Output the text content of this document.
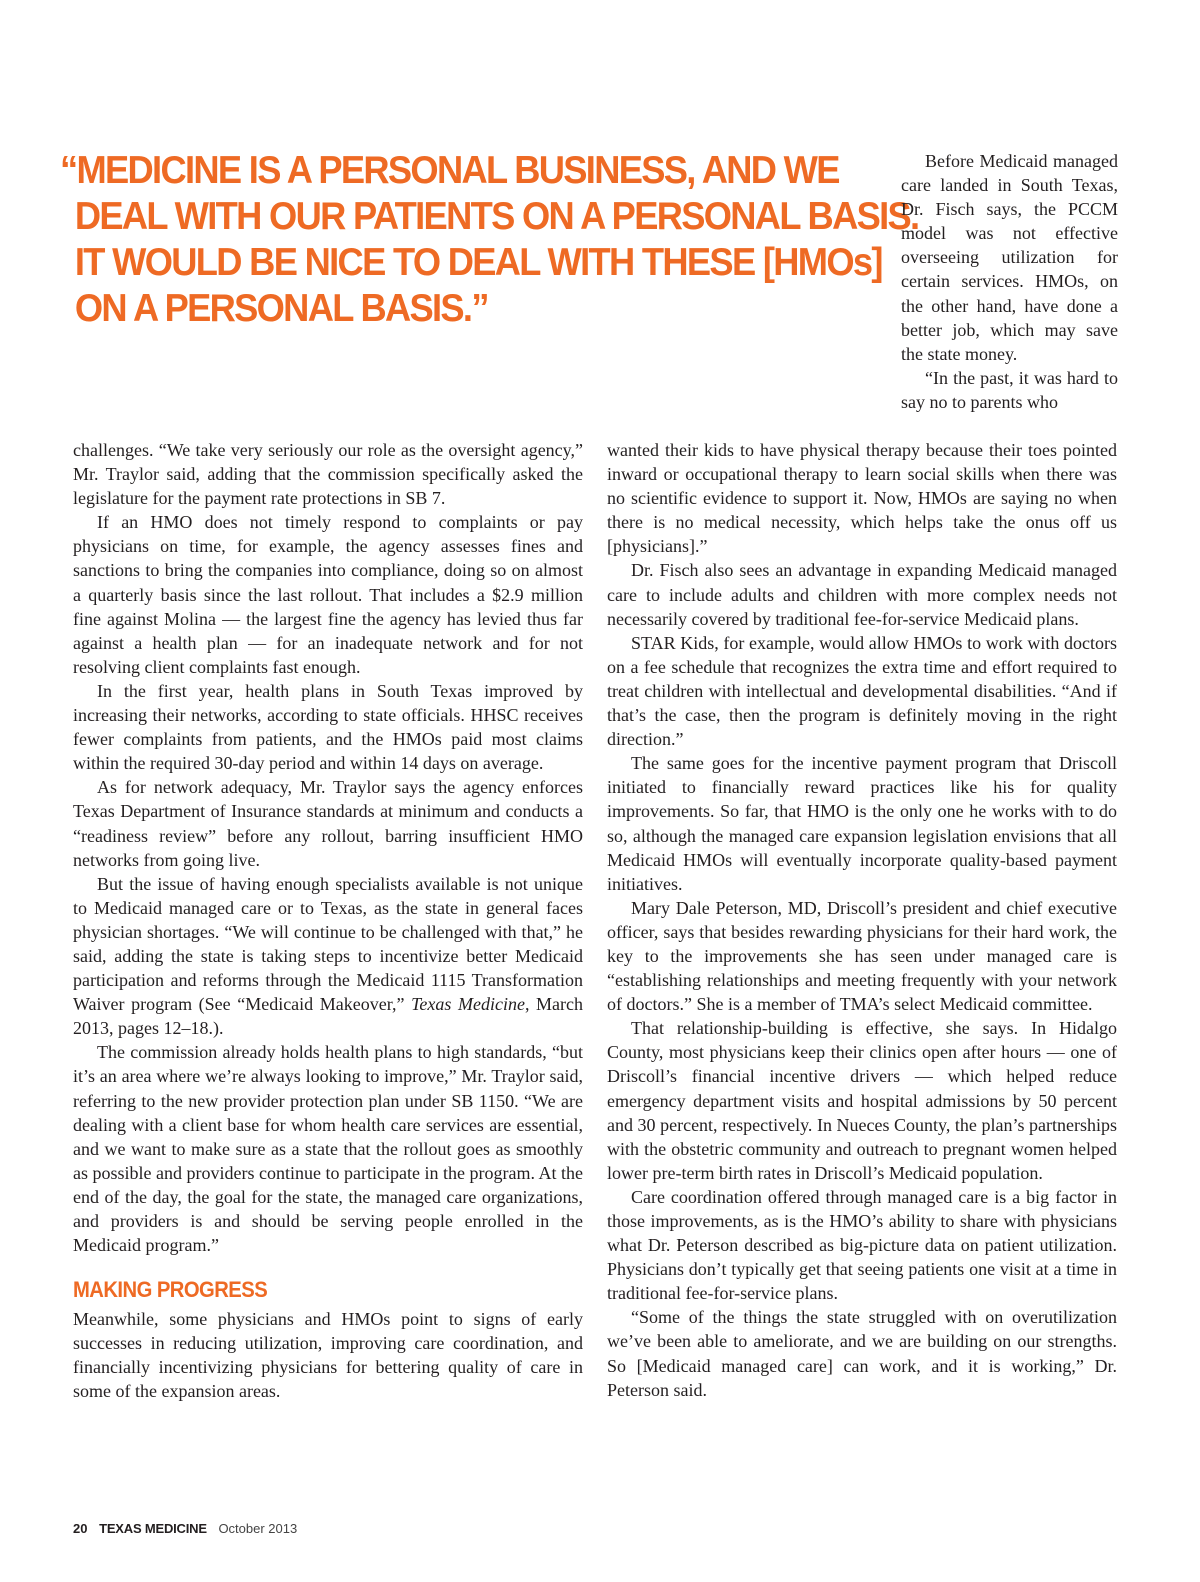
“MEDICINE IS A PERSONAL BUSINESS, AND WE
DEAL WITH OUR PATIENTS ON A PERSONAL BASIS.
IT WOULD BE NICE TO DEAL WITH THESE [HMOs]
ON A PERSONAL BASIS.”

Before Medicaid managed care landed in South Texas, Dr. Fisch says, the PCCM model was not effective overseeing utilization for certain services. HMOs, on the other hand, have done a better job, which may save the state money.

“In the past, it was hard to say no to parents who

challenges. “We take very seriously our role as the oversight agency,” Mr. Traylor said, adding that the commission specifically asked the legislature for the payment rate protections in SB 7.

If an HMO does not timely respond to complaints or pay physicians on time, for example, the agency assesses fines and sanctions to bring the companies into compliance, doing so on almost a quarterly basis since the last rollout. That includes a $2.9 million fine against Molina — the largest fine the agency has levied thus far against a health plan — for an inadequate network and for not resolving client complaints fast enough.

In the first year, health plans in South Texas improved by increasing their networks, according to state officials. HHSC receives fewer complaints from patients, and the HMOs paid most claims within the required 30-day period and within 14 days on average.

As for network adequacy, Mr. Traylor says the agency enforces Texas Department of Insurance standards at minimum and conducts a “readiness review” before any rollout, barring insufficient HMO networks from going live.

But the issue of having enough specialists available is not unique to Medicaid managed care or to Texas, as the state in general faces physician shortages. “We will continue to be challenged with that,” he said, adding the state is taking steps to incentivize better Medicaid participation and reforms through the Medicaid 1115 Transformation Waiver program (See “Medicaid Makeover,” Texas Medicine, March 2013, pages 12–18.).

The commission already holds health plans to high standards, “but it’s an area where we’re always looking to improve,” Mr. Traylor said, referring to the new provider protection plan under SB 1150. “We are dealing with a client base for whom health care services are essential, and we want to make sure as a state that the rollout goes as smoothly as possible and providers continue to participate in the program. At the end of the day, the goal for the state, the managed care organizations, and providers is and should be serving people enrolled in the Medicaid program.”

MAKING PROGRESS

Meanwhile, some physicians and HMOs point to signs of early successes in reducing utilization, improving care coordination, and financially incentivizing physicians for bettering quality of care in some of the expansion areas.

wanted their kids to have physical therapy because their toes pointed inward or occupational therapy to learn social skills when there was no scientific evidence to support it. Now, HMOs are saying no when there is no medical necessity, which helps take the onus off us [physicians].”

Dr. Fisch also sees an advantage in expanding Medicaid managed care to include adults and children with more complex needs not necessarily covered by traditional fee-for-service Medicaid plans.

STAR Kids, for example, would allow HMOs to work with doctors on a fee schedule that recognizes the extra time and effort required to treat children with intellectual and developmental disabilities. “And if that’s the case, then the program is definitely moving in the right direction.”

The same goes for the incentive payment program that Driscoll initiated to financially reward practices like his for quality improvements. So far, that HMO is the only one he works with to do so, although the managed care expansion legislation envisions that all Medicaid HMOs will eventually incorporate quality-based payment initiatives.

Mary Dale Peterson, MD, Driscoll’s president and chief executive officer, says that besides rewarding physicians for their hard work, the key to the improvements she has seen under managed care is “establishing relationships and meeting frequently with your network of doctors.” She is a member of TMA’s select Medicaid committee.

That relationship-building is effective, she says. In Hidalgo County, most physicians keep their clinics open after hours — one of Driscoll’s financial incentive drivers — which helped reduce emergency department visits and hospital admissions by 50 percent and 30 percent, respectively. In Nueces County, the plan’s partnerships with the obstetric community and outreach to pregnant women helped lower pre-term birth rates in Driscoll’s Medicaid population.

Care coordination offered through managed care is a big factor in those improvements, as is the HMO’s ability to share with physicians what Dr. Peterson described as big-picture data on patient utilization. Physicians don’t typically get that seeing patients one visit at a time in traditional fee-for-service plans.

“Some of the things the state struggled with on overutilization we’ve been able to ameliorate, and we are building on our strengths. So [Medicaid managed care] can work, and it is working,” Dr. Peterson said.

20 TEXAS MEDICINE October 2013
